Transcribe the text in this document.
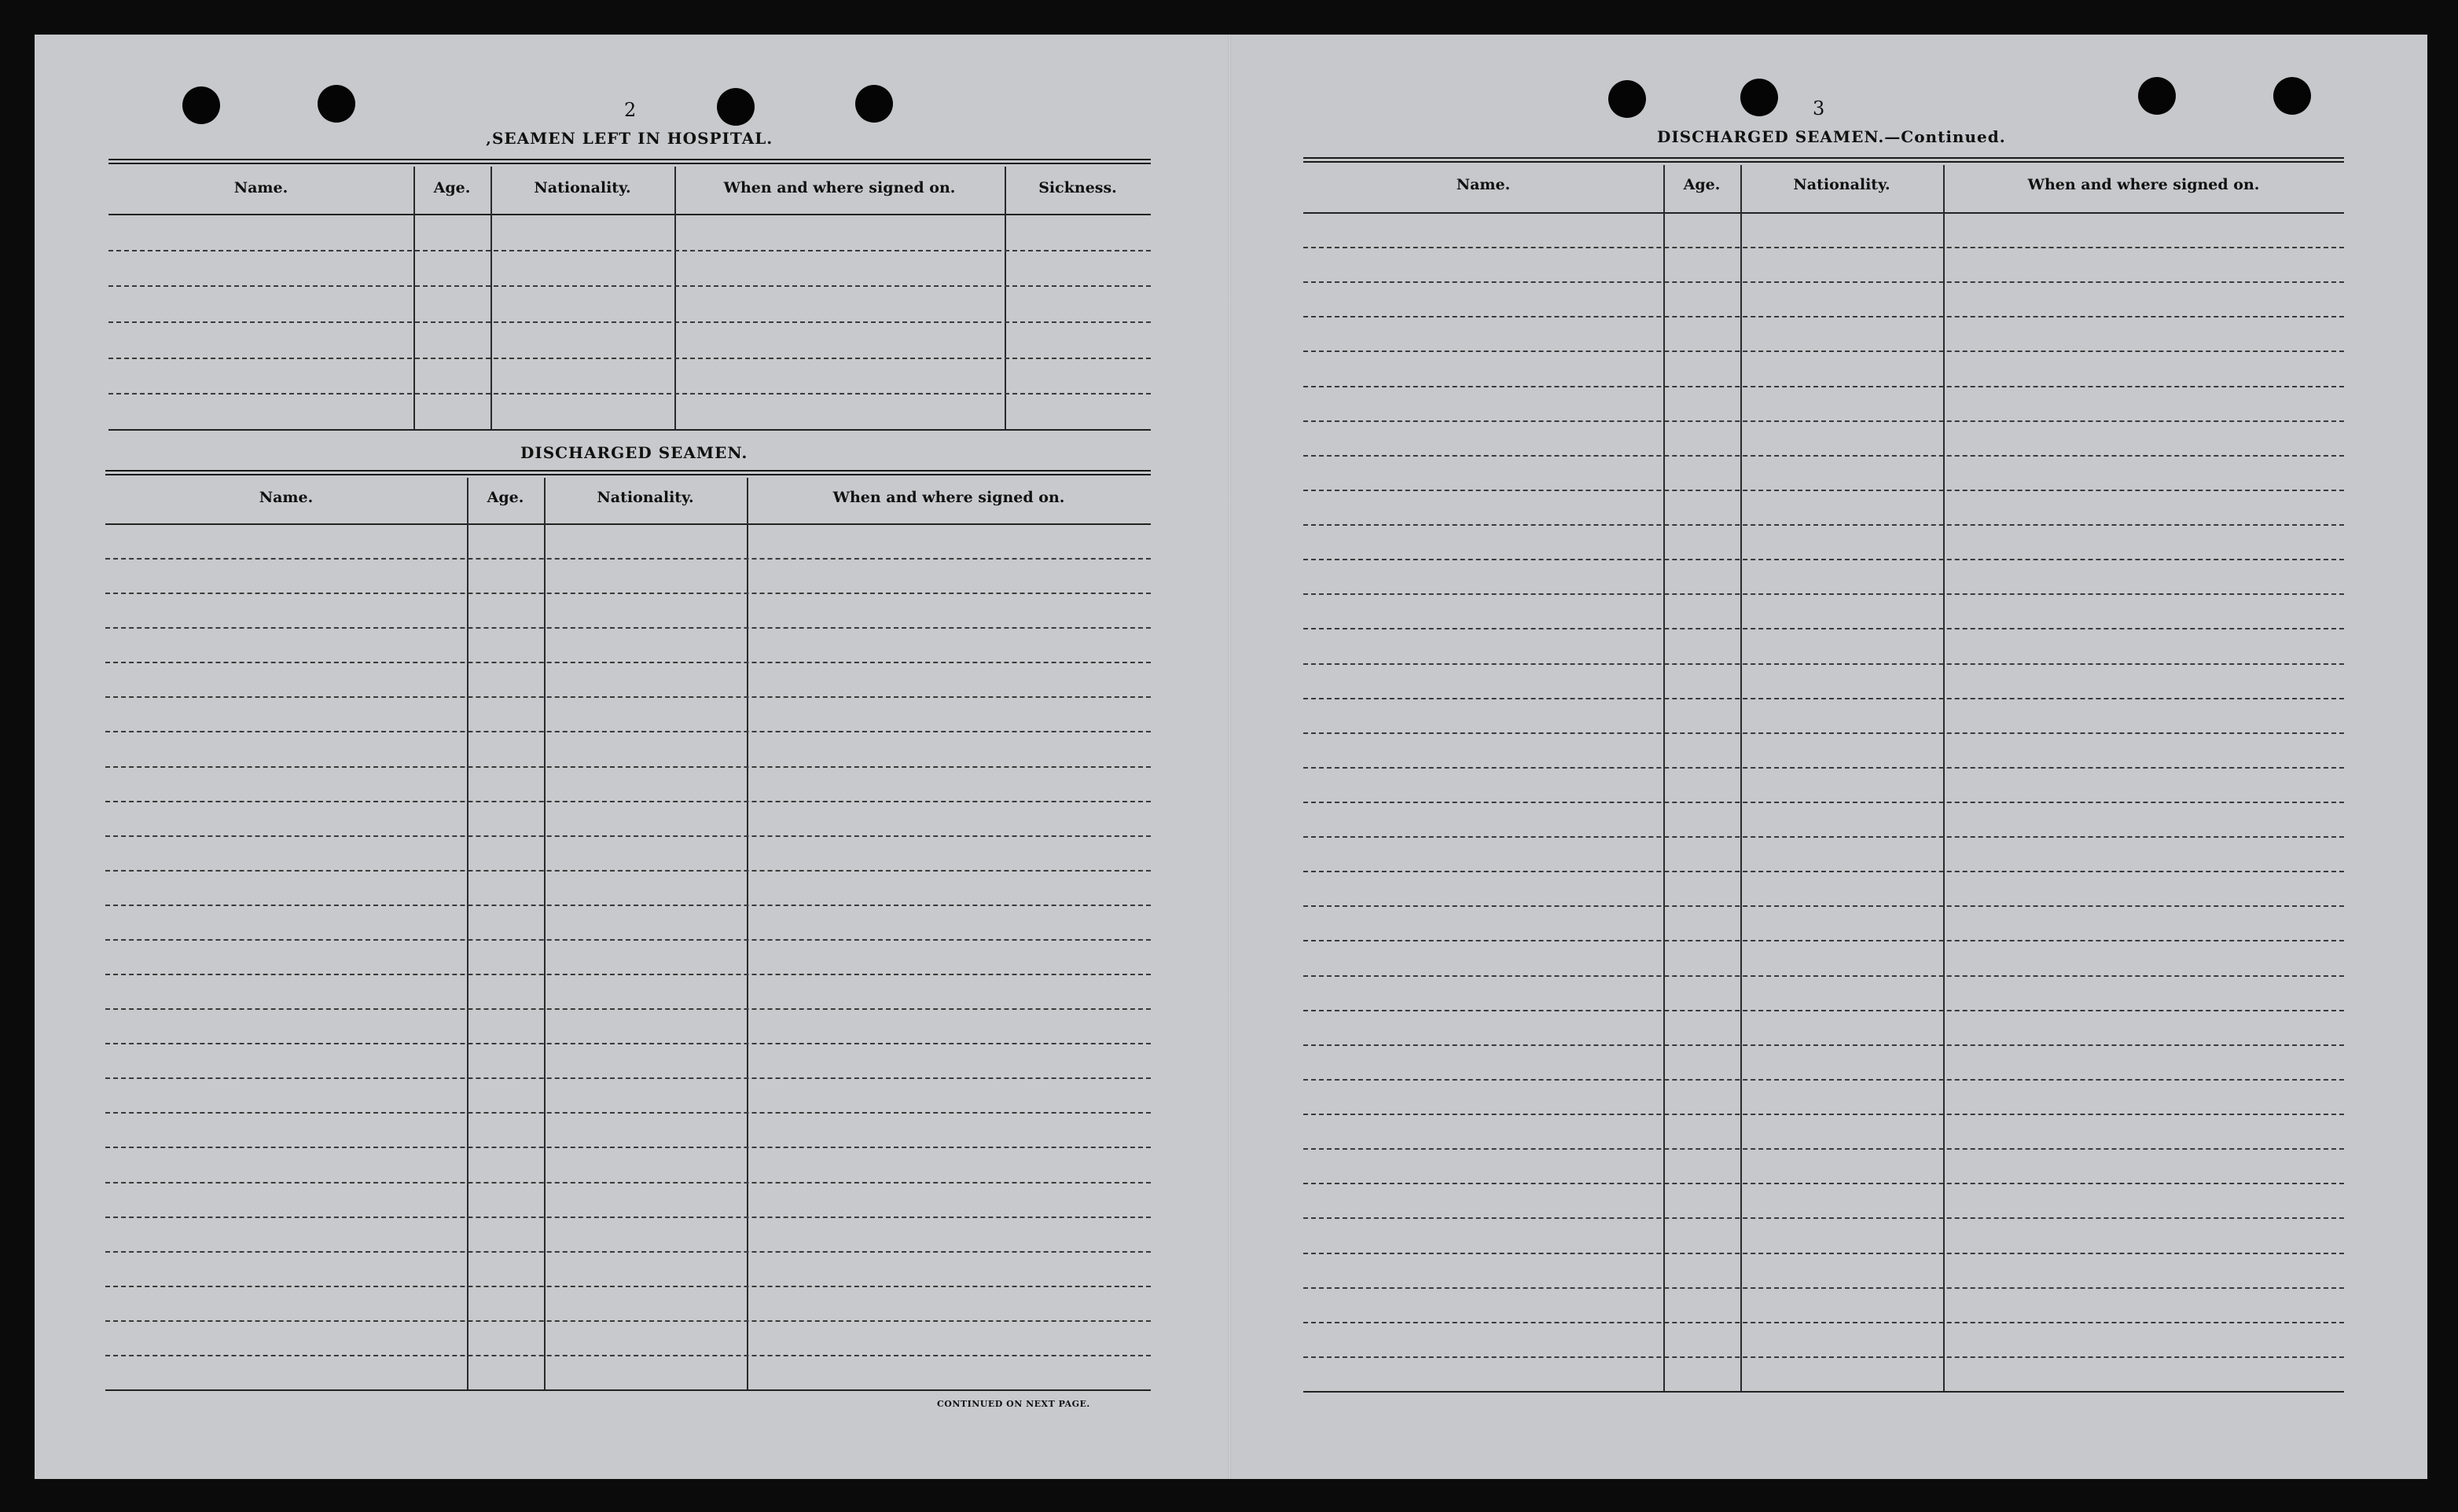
2
‚SEAMEN LEFT IN HOSPITAL.
Name.	Age.	Nationality.	When and where signed on.	Sickness.
DISCHARGED SEAMEN.
Name.	Age.	Nationality.	When and where signed on.
CONTINUED ON NEXT PAGE.
3
DISCHARGED SEAMEN.—Continued.
Name.	Age.	Nationality.	When and where signed on.
